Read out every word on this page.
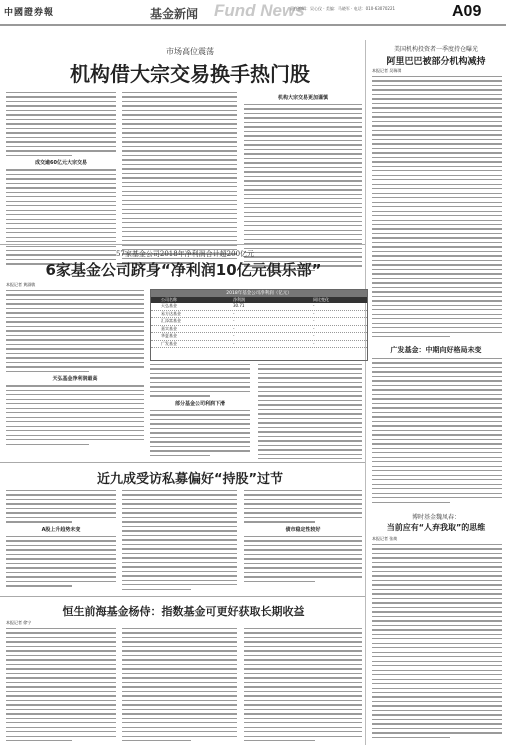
中國證券報	基金新闻 Fund News
责任编辑：吴心仪 · 美编：马晓军 · 电话：010-63070221	A09
市场高位震荡
机构借大宗交易换手热门股
成交逾60亿元大宗交易
机构大宗交易更加谨慎
美国机构投资者一季度持仓曝光
阿里巴巴被部分机构减持
本报记者 吴瑞琪
广发基金：中期向好格局未变
57家基金公司2018年净利润合计超200亿元
6家基金公司跻身“净利润10亿元俱乐部”
本报记者 黄淑敏
天弘基金净利润最高
2018年基金公司净利润（亿元）
公司名称	净利润	同比变化
天弘基金	30.71	-
易方达基金	-	-
汇添富基金	-	-
嘉实基金	-	-
华夏基金	-	-
广发基金	-	-
部分基金公司利润下滑
近九成受访私募偏好“持股”过节
A股上升趋势未变	债市稳定性较好
博时基金魏凤春：
当前应有“人弃我取”的思维
本报记者 张焕
恒生前海基金杨侍：指数基金可更好获取长期收益
本报记者 徐宁
